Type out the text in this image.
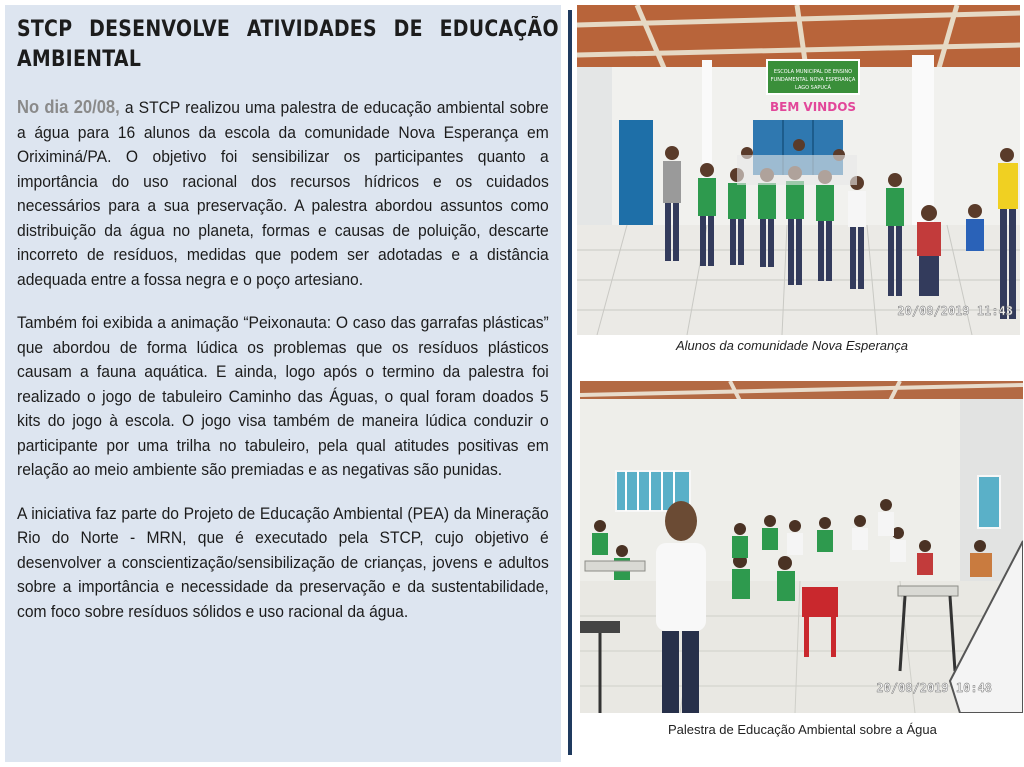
STCP DESENVOLVE ATIVIDADES DE EDUCAÇÃO AMBIENTAL

No dia 20/08, a STCP realizou uma palestra de educação ambiental sobre a água para 16 alunos da escola da comunidade Nova Esperança em Oriximiná/PA. O objetivo foi sensibilizar os participantes quanto a importância do uso racional dos recursos hídricos e os cuidados necessários para a sua preservação. A palestra abordou assuntos como distribuição da água no planeta, formas e causas de poluição, descarte incorreto de resíduos, medidas que podem ser adotadas e a distância adequada entre a fossa negra e o poço artesiano.

Também foi exibida a animação “Peixonauta: O caso das garrafas plásticas” que abordou de forma lúdica os problemas que os resíduos plásticos causam a fauna aquática. E ainda, logo após o termino da palestra foi realizado o jogo de tabuleiro Caminho das Águas, o qual foram doados 5 kits do jogo à escola. O jogo visa também de maneira lúdica conduzir o participante por uma trilha no tabuleiro, pela qual atitudes positivas em relação ao meio ambiente são premiadas e as negativas são punidas.

A iniciativa faz parte do Projeto de Educação Ambiental (PEA) da Mineração Rio do Norte - MRN, que é executado pela STCP, cujo objetivo é desenvolver a conscientização/sensibilização de crianças, jovens e adultos sobre a importância e necessidade da preservação e da sustentabilidade, com foco sobre resíduos sólidos e uso racional da água.

ESCOLA MUNICIPAL DE ENSINO
FUNDAMENTAL NOVA ESPERANÇA
LAGO SAPUCÁ
BEM VINDOS
20/08/2019 11:43
Alunos da comunidade Nova Esperança
20/08/2019 10:48
Palestra de Educação Ambiental sobre a Água
